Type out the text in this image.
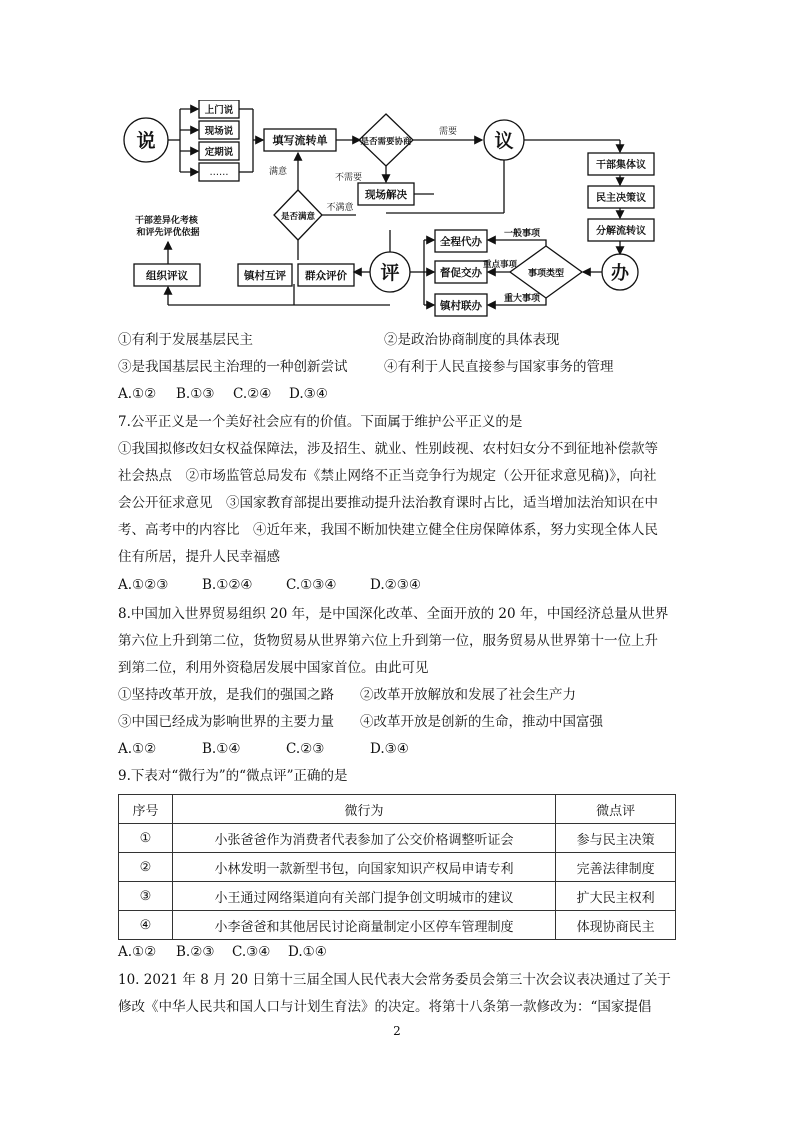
说
上门说
现场说
定期说
……
填写流转单	是否需要协商
需要
不需要
现场解决
议
干部集体议
民主决策议
分解流转议
是否满意
满意
不满意
评
镇村互评 群众评价
组织评议
干部差异化考核 和评先评优依据
全程代办
督促交办
镇村联办
一般事项
重点事项
重大事项
事项类型	办
①有利于发展基层民主	②是政治协商制度的具体表现
③是我国基层民主治理的一种创新尝试	④有利于人民直接参与国家事务的管理
A.①② B.①③ C.②④ D.③④
7.公平正义是一个美好社会应有的价值。下面属于维护公平正义的是
①我国拟修改妇女权益保障法，涉及招生、就业、性别歧视、农村妇女分不到征地补偿款等
社会热点　②市场监管总局发布《禁止网络不正当竞争行为规定（公开征求意见稿)》，向社
会公开征求意见　③国家教育部提出要推动提升法治教育课时占比，适当增加法治知识在中
考、高考中的内容比　④近年来，我国不断加快建立健全住房保障体系，努力实现全体人民
住有所居，提升人民幸福感
A.①②③ B.①②④ C.①③④ D.②③④
8.中国加入世界贸易组织 20 年，是中国深化改革、全面开放的 20 年，中国经济总量从世界
第六位上升到第二位，货物贸易从世界第六位上升到第一位，服务贸易从世界第十一位上升
到第二位，利用外资稳居发展中国家首位。由此可见
①坚持改革开放，是我们的强国之路 ②改革开放解放和发展了社会生产力
③中国已经成为影响世界的主要力量 ④改革开放是创新的生命，推动中国富强
A.①②	B.①④	C.②③	D.③④
9.下表对“微行为”的“微点评”正确的是
序号	微行为	微点评
①	小张爸爸作为消费者代表参加了公交价格调整听证会	参与民主决策
②	小林发明一款新型书包，向国家知识产权局申请专利	完善法律制度
③	小王通过网络渠道向有关部门提争创文明城市的建议	扩大民主权利
④	小李爸爸和其他居民讨论商量制定小区停车管理制度	体现协商民主
A.①② B.②③ C.③④ D.①④
10. 2021 年 8 月 20 日第十三届全国人民代表大会常务委员会第三十次会议表决通过了关于
修改《中华人民共和国人口与计划生育法》的决定。将第十八条第一款修改为：“国家提倡
2
